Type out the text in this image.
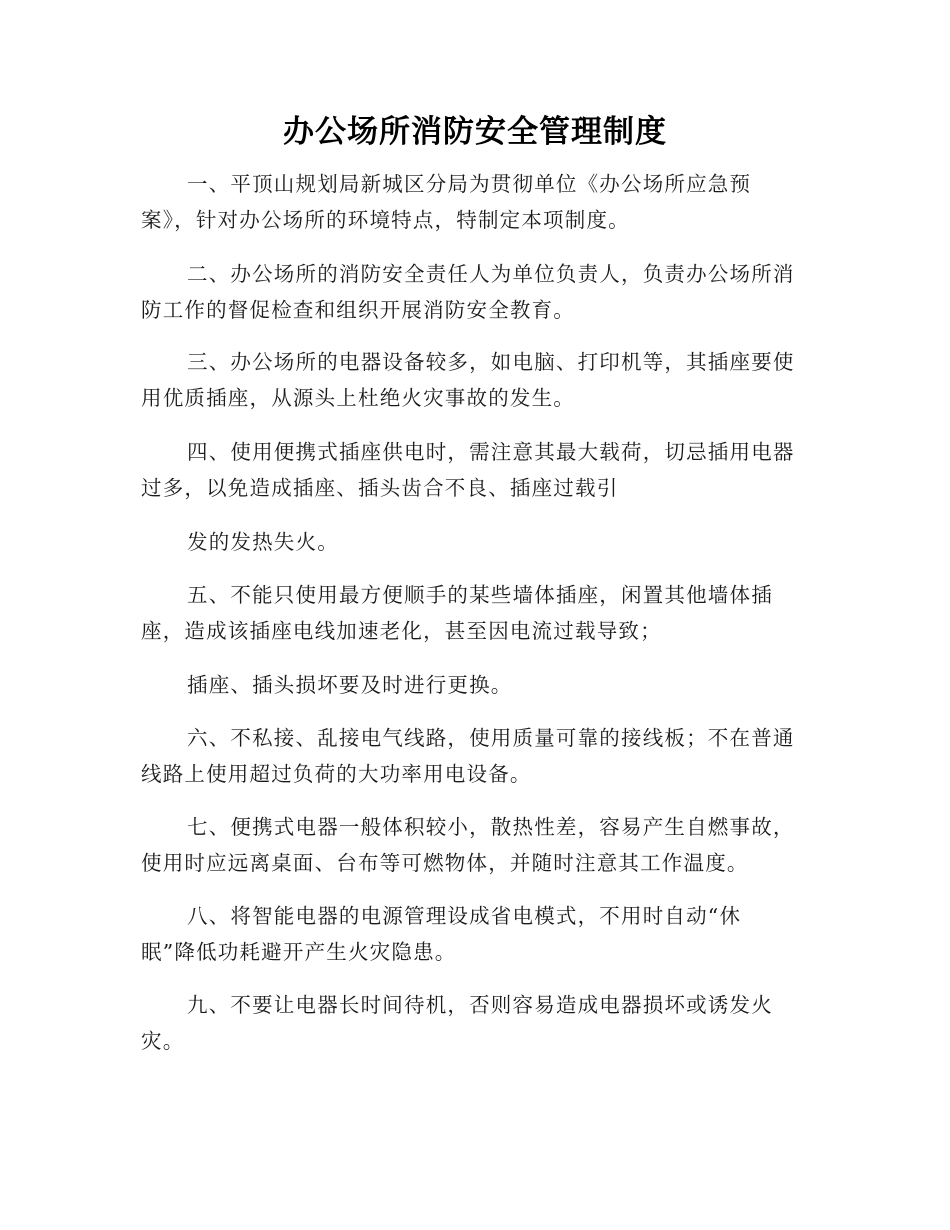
办公场所消防安全管理制度
一、平顶山规划局新城区分局为贯彻单位《办公场所应急预
案》，针对办公场所的环境特点，特制定本项制度。
二、办公场所的消防安全责任人为单位负责人，负责办公场所消
防工作的督促检查和组织开展消防安全教育。
三、办公场所的电器设备较多，如电脑、打印机等，其插座要使
用优质插座，从源头上杜绝火灾事故的发生。
四、使用便携式插座供电时，需注意其最大载荷，切忌插用电器
过多，以免造成插座、插头齿合不良、插座过载引
发的发热失火。
五、不能只使用最方便顺手的某些墙体插座，闲置其他墙体插
座，造成该插座电线加速老化，甚至因电流过载导致；
插座、插头损坏要及时进行更换。
六、不私接、乱接电气线路，使用质量可靠的接线板；不在普通
线路上使用超过负荷的大功率用电设备。
七、便携式电器一般体积较小，散热性差，容易产生自燃事故，
使用时应远离桌面、台布等可燃物体，并随时注意其工作温度。
八、将智能电器的电源管理设成省电模式，不用时自动“休
眠”降低功耗避开产生火灾隐患。
九、不要让电器长时间待机，否则容易造成电器损坏或诱发火
灾。
